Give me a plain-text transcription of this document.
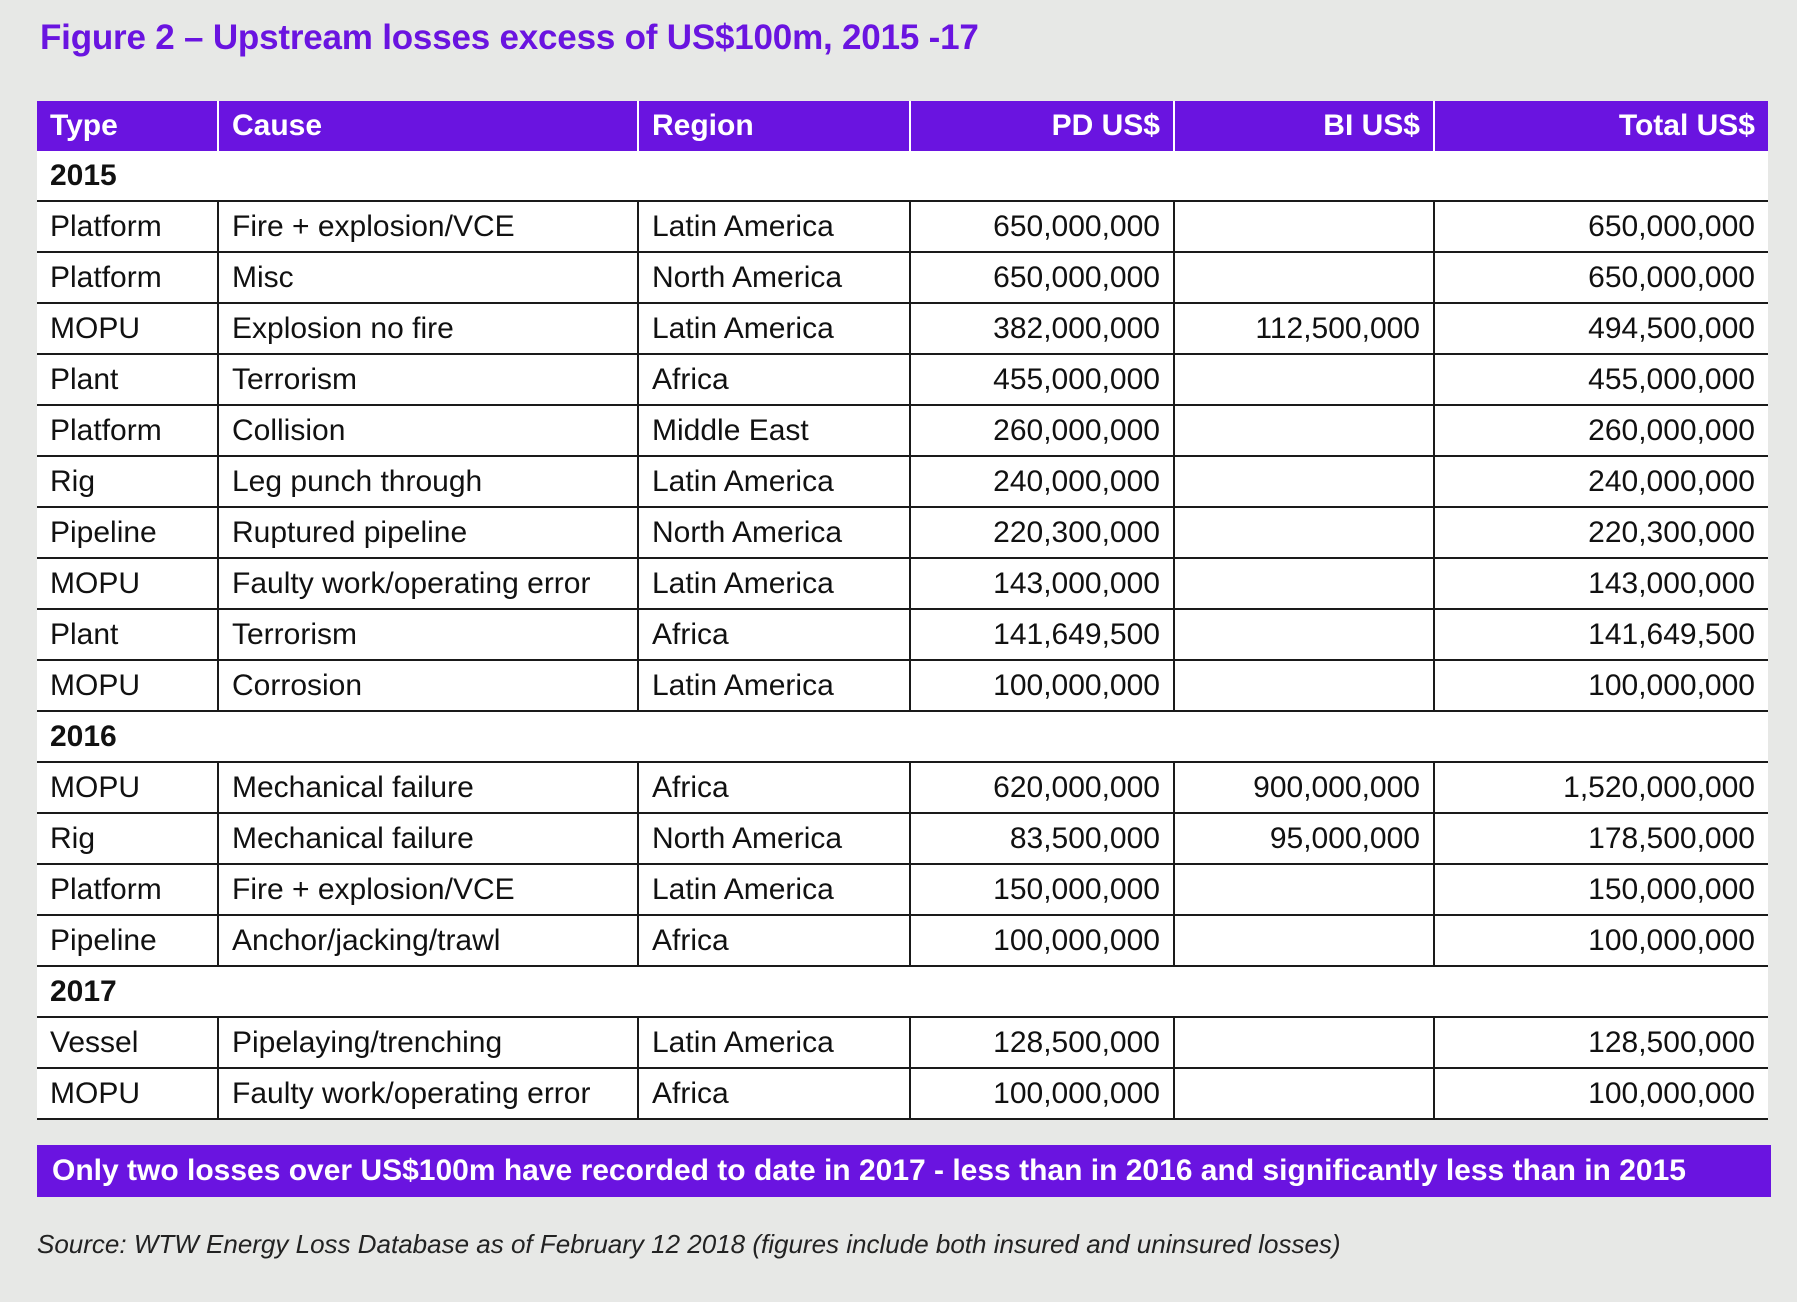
Figure 2 – Upstream losses excess of US$100m, 2015 -17
Type	Cause	Region	PD US$	BI US$	Total US$
2015					
Platform	Fire + explosion/VCE	Latin America	650,000,000		650,000,000
Platform	Misc	North America	650,000,000		650,000,000
MOPU	Explosion no fire	Latin America	382,000,000	112,500,000	494,500,000
Plant	Terrorism	Africa	455,000,000		455,000,000
Platform	Collision	Middle East	260,000,000		260,000,000
Rig	Leg punch through	Latin America	240,000,000		240,000,000
Pipeline	Ruptured pipeline	North America	220,300,000		220,300,000
MOPU	Faulty work/operating error	Latin America	143,000,000		143,000,000
Plant	Terrorism	Africa	141,649,500		141,649,500
MOPU	Corrosion	Latin America	100,000,000		100,000,000
2016					
MOPU	Mechanical failure	Africa	620,000,000	900,000,000	1,520,000,000
Rig	Mechanical failure	North America	83,500,000	95,000,000	178,500,000
Platform	Fire + explosion/VCE	Latin America	150,000,000		150,000,000
Pipeline	Anchor/jacking/trawl	Africa	100,000,000		100,000,000
2017					
Vessel	Pipelaying/trenching	Latin America	128,500,000		128,500,000
MOPU	Faulty work/operating error	Africa	100,000,000		100,000,000
Only two losses over US$100m have recorded to date in 2017 - less than in 2016 and significantly less than in 2015
Source: WTW Energy Loss Database as of February 12 2018 (figures include both insured and uninsured losses)
